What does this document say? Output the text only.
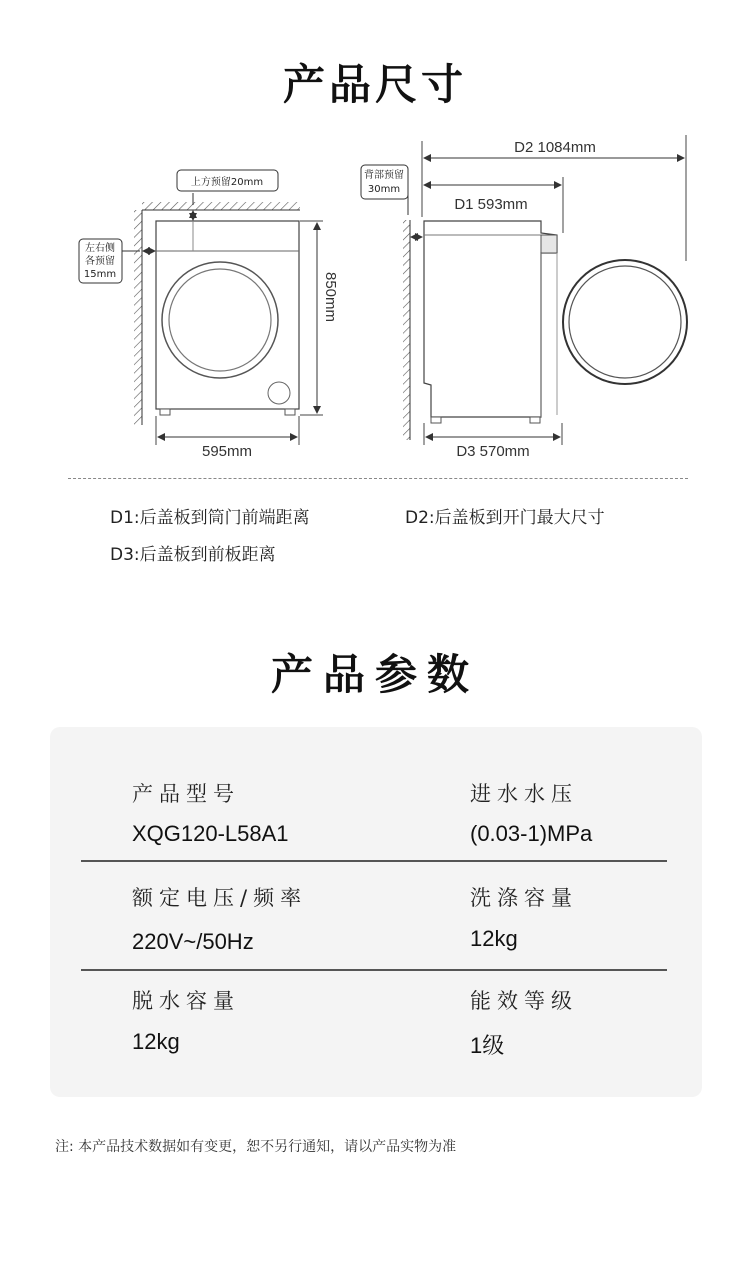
产品尺寸
850mm
595mm
上方预留20mm
左右侧
各预留
15mm
背部预留
30mm
D2 1084mm
D1 593mm
D3 570mm
D1:后盖板到筒门前端距离	D2:后盖板到开门最大尺寸
D3:后盖板到前板距离
产品参数
产品型号
XQG120-L58A1
进水水压
(0.03-1)MPa
额定电压/频率
220V~/50Hz
洗涤容量
12kg
脱水容量
12kg
能效等级
1级
注: 本产品技术数据如有变更，恕不另行通知，请以产品实物为准
